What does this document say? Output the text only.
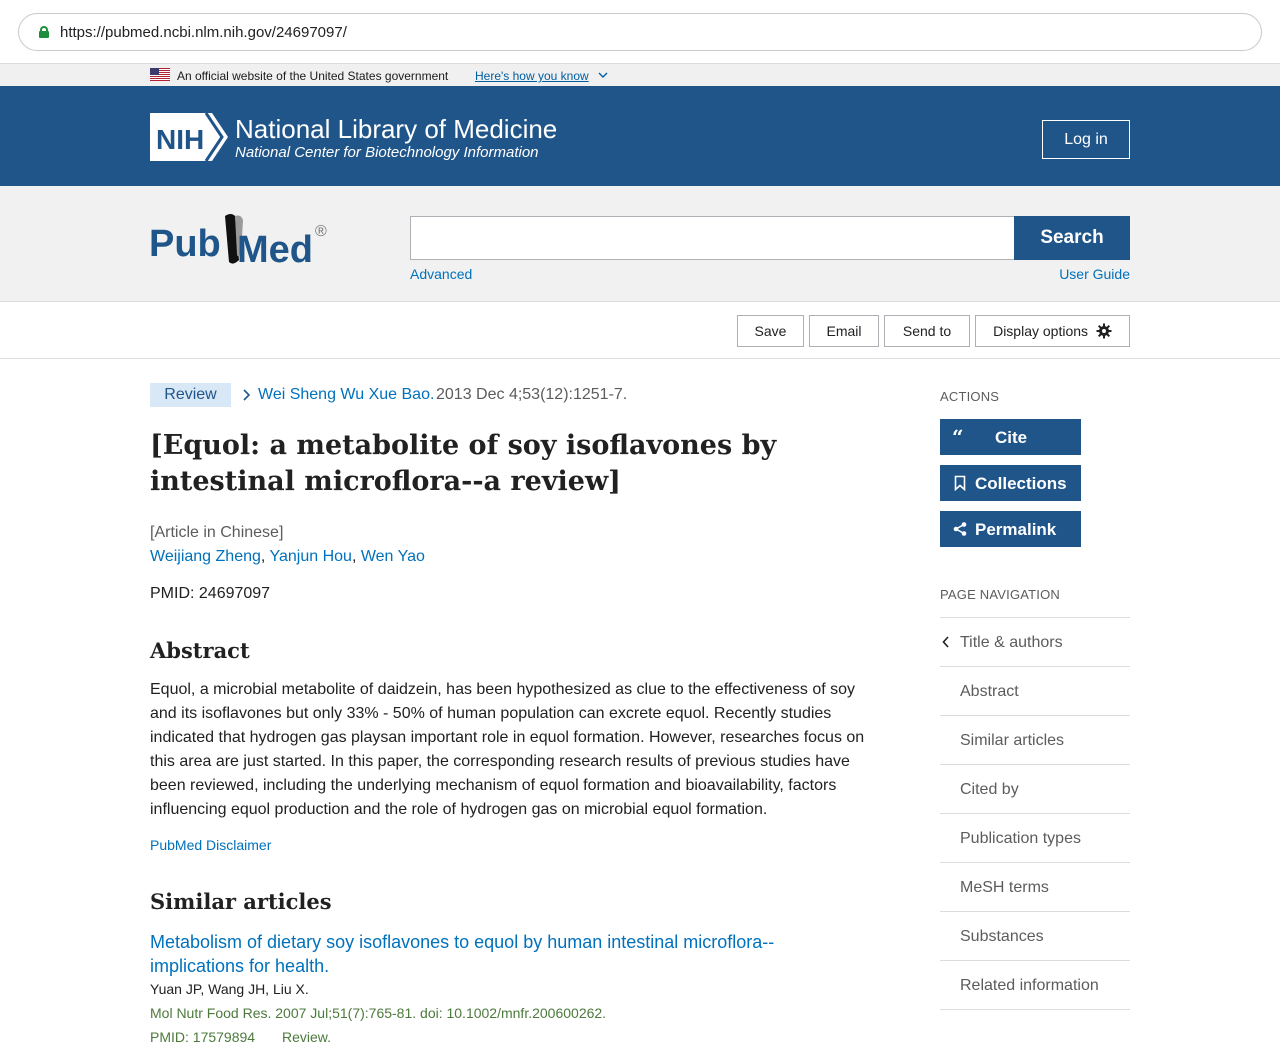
https://pubmed.ncbi.nlm.nih.gov/24697097/
An official website of the United States government Here's how you know
NIH National Library of Medicine
National Center for Biotechnology Information
Log in
Pub Med ®	Search
Advanced	User Guide
Save	Email	Send to	Display options
Review	Wei Sheng Wu Xue Bao. 2013 Dec 4;53(12):1251-7.
[Equol: a metabolite of soy isoflavones by intestinal microflora--a review]
[Article in Chinese]
Weijiang Zheng, Yanjun Hou, Wen Yao
PMID: 24697097
Abstract

Equol, a microbial metabolite of daidzein, has been hypothesized as clue to the effectiveness of soy and its isoflavones but only 33% - 50% of human population can excrete equol. Recently studies indicated that hydrogen gas playsan important role in equol formation. However, researches focus on this area are just started. In this paper, the corresponding research results of previous studies have been reviewed, including the underlying mechanism of equol formation and bioavailability, factors influencing equol production and the role of hydrogen gas on microbial equol formation.

PubMed Disclaimer
Similar articles
Metabolism of dietary soy isoflavones to equol by human intestinal microflora--implications for health.
Yuan JP, Wang JH, Liu X.
Mol Nutr Food Res. 2007 Jul;51(7):765-81. doi: 10.1002/mnfr.200600262.
PMID: 17579894 Review.
ACTIONS
“ Cite
Collections
Permalink
PAGE NAVIGATION
Title & authors
Abstract
Similar articles
Cited by
Publication types
MeSH terms
Substances
Related information
